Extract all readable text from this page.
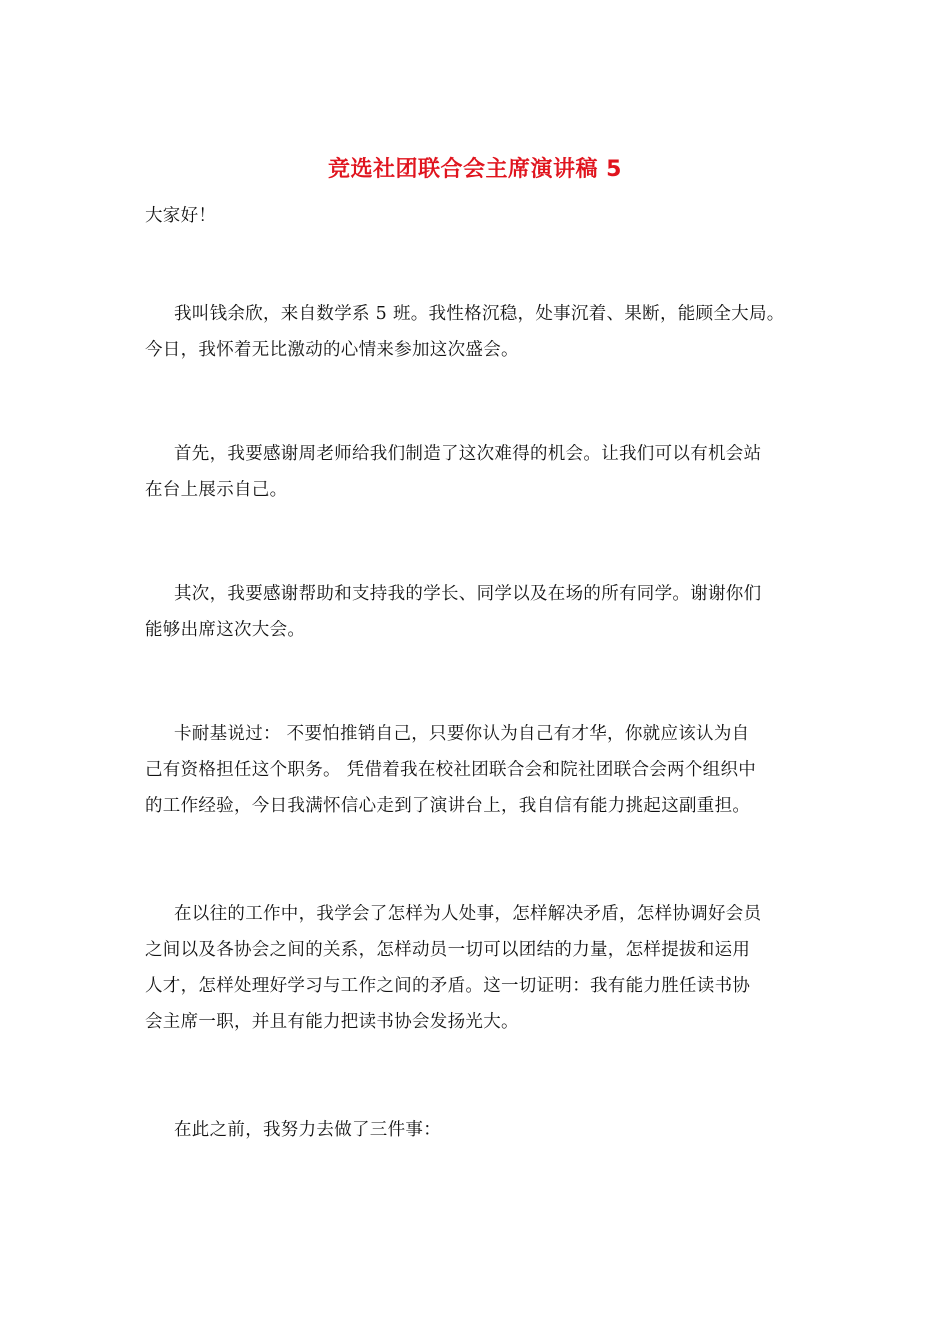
竞选社团联合会主席演讲稿 5
大家好！
我叫钱余欣，来自数学系 5 班。我性格沉稳，处事沉着、果断，能顾全大局。
今日，我怀着无比激动的心情来参加这次盛会。
首先，我要感谢周老师给我们制造了这次难得的机会。让我们可以有机会站
在台上展示自己。
其次，我要感谢帮助和支持我的学长、同学以及在场的所有同学。谢谢你们
能够出席这次大会。
卡耐基说过： 不要怕推销自己，只要你认为自己有才华，你就应该认为自
己有资格担任这个职务。 凭借着我在校社团联合会和院社团联合会两个组织中
的工作经验，今日我满怀信心走到了演讲台上，我自信有能力挑起这副重担。
在以往的工作中，我学会了怎样为人处事，怎样解决矛盾，怎样协调好会员
之间以及各协会之间的关系，怎样动员一切可以团结的力量，怎样提拔和运用
人才，怎样处理好学习与工作之间的矛盾。这一切证明：我有能力胜任读书协
会主席一职，并且有能力把读书协会发扬光大。
在此之前，我努力去做了三件事：
